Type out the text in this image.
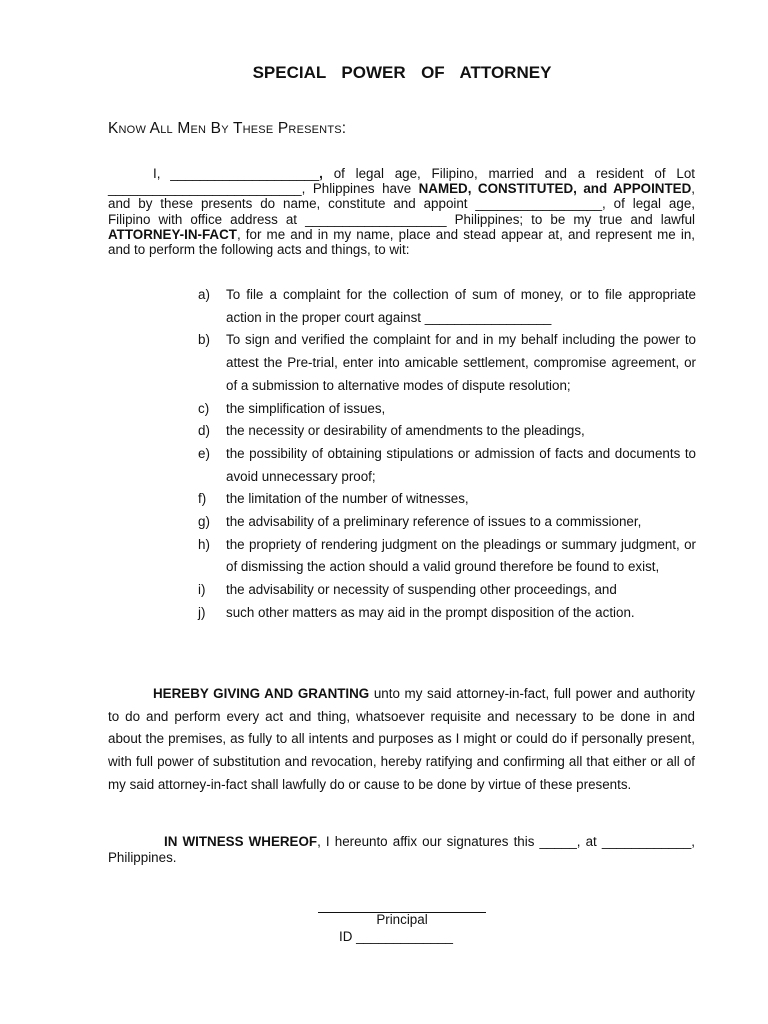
SPECIAL  POWER  OF  ATTORNEY
Know All Men By These Presents:
I, ____________________, of legal age, Filipino, married and a resident of Lot __________________________, Phlippines have NAMED, CONSTITUTED, and APPOINTED, and by these presents do name, constitute and appoint _________________, of legal age, Filipino with office address at ___________________ Philippines; to be my true and lawful ATTORNEY-IN-FACT, for me and in my name, place and stead appear at, and represent me in, and to perform the following acts and things, to wit:
a) To file a complaint for the collection of sum of money, or to file appropriate action in the proper court against _________________
b) To sign and verified the complaint for and in my behalf including the power to attest the Pre-trial, enter into amicable settlement, compromise agreement, or of a submission to alternative modes of dispute resolution;
c) the simplification of issues,
d) the necessity or desirability of amendments to the pleadings,
e) the possibility of obtaining stipulations or admission of facts and documents to avoid unnecessary proof;
f) the limitation of the number of witnesses,
g) the advisability of a preliminary reference of issues to a commissioner,
h) the propriety of rendering judgment on the pleadings or summary judgment, or of dismissing the action should a valid ground therefore be found to exist,
i) the advisability or necessity of suspending other proceedings, and
j) such other matters as may aid in the prompt disposition of the action.
HEREBY GIVING AND GRANTING unto my said attorney-in-fact, full power and authority to do and perform every act and thing, whatsoever requisite and necessary to be done in and about the premises, as fully to all intents and purposes as I might or could do if personally present, with full power of substitution and revocation, hereby ratifying and confirming all that either or all of my said attorney-in-fact shall lawfully do or cause to be done by virtue of these presents.
IN WITNESS WHEREOF, I hereunto affix our signatures this _____, at ____________, Philippines.
Principal
ID _____________
